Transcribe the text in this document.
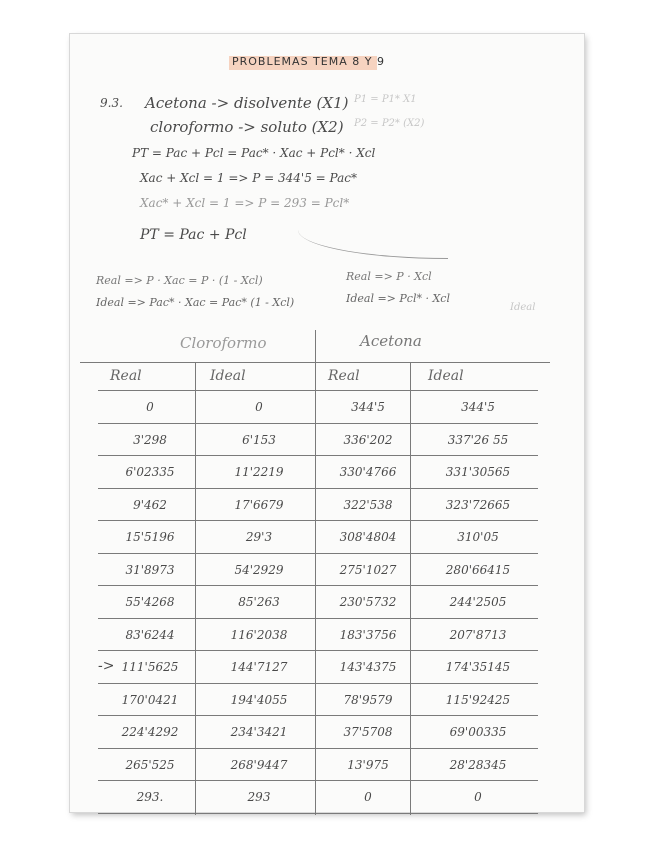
PROBLEMAS TEMA 8 Y 9
9.3. Acetona -> disolvente (X1) P1 = P1* X1
cloroformo -> soluto (X2) P2 = P2* (X2)
PT = Pac + Pcl = Pac* · Xac + Pcl* · Xcl
Xac + Xcl = 1 => P = 344'5 = Pac*
Xac* + Xcl = 1 => P = 293 = Pcl*
PT = Pac + Pcl
Real => P · Xac = P · (1 - Xcl)
Ideal => Pac* · Xac = Pac* (1 - Xcl)
Real => P · Xcl
Ideal => Pcl* · Xcl
Ideal
Cloroformo	Acetona
Real	Ideal	Real	Ideal
0	0	344'5	344'5
3'298	6'153	336'202	337'26 55
6'02335	11'2219	330'4766	331'30565
9'462	17'6679	322'538	323'72665
15'5196	29'3	308'4804	310'05
31'8973	54'2929	275'1027	280'66415
55'4268	85'263	230'5732	244'2505
83'6244	116'2038	183'3756	207'8713
111'5625	144'7127	143'4375	174'35145
170'0421	194'4055	78'9579	115'92425
224'4292	234'3421	37'5708	69'00335
265'525	268'9447	13'975	28'28345
293.	293	0	0
->
